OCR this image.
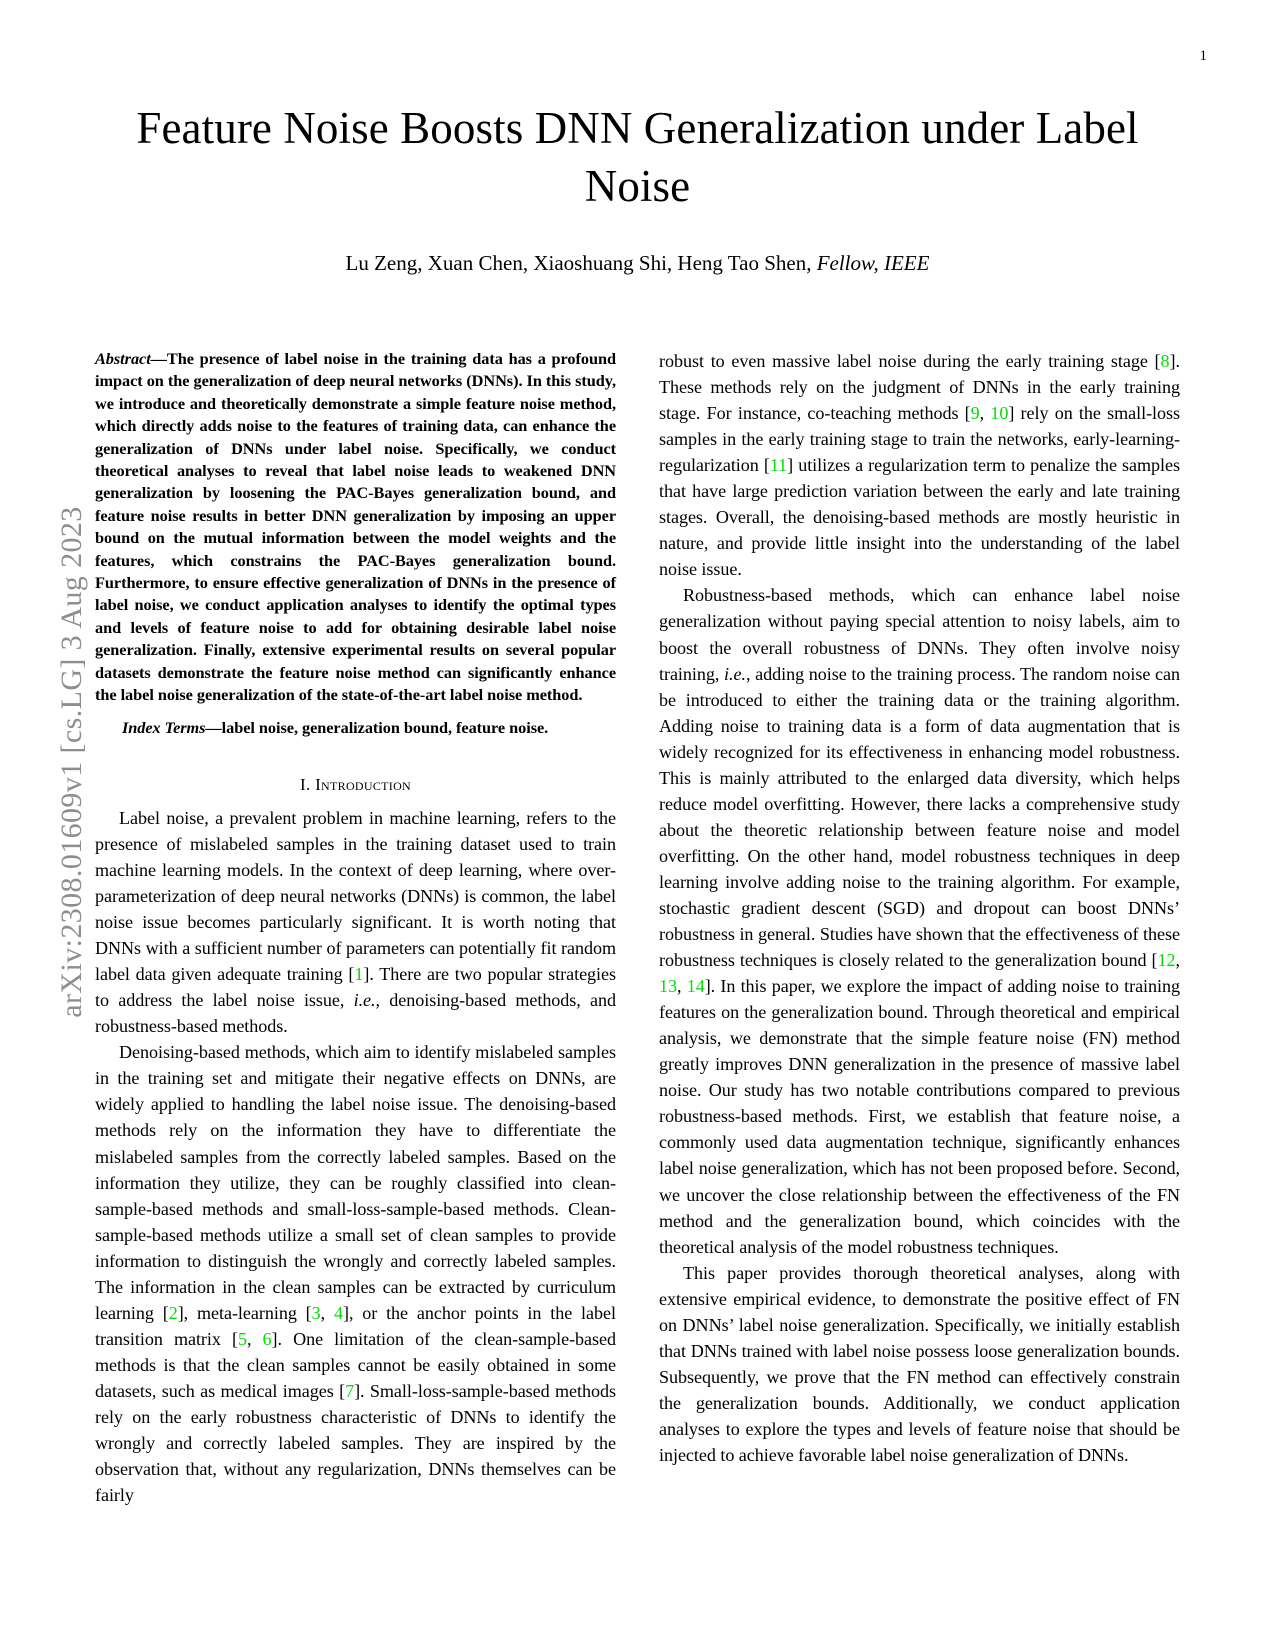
1
arXiv:2308.01609v1 [cs.LG] 3 Aug 2023
Feature Noise Boosts DNN Generalization under Label Noise
Lu Zeng, Xuan Chen, Xiaoshuang Shi, Heng Tao Shen, Fellow, IEEE

Abstract—The presence of label noise in the training data has a profound impact on the generalization of deep neural networks (DNNs). In this study, we introduce and theoretically demonstrate a simple feature noise method, which directly adds noise to the features of training data, can enhance the generalization of DNNs under label noise. Specifically, we conduct theoretical analyses to reveal that label noise leads to weakened DNN generalization by loosening the PAC-Bayes generalization bound, and feature noise results in better DNN generalization by imposing an upper bound on the mutual information between the model weights and the features, which constrains the PAC-Bayes generalization bound. Furthermore, to ensure effective generalization of DNNs in the presence of label noise, we conduct application analyses to identify the optimal types and levels of feature noise to add for obtaining desirable label noise generalization. Finally, extensive experimental results on several popular datasets demonstrate the feature noise method can significantly enhance the label noise generalization of the state-of-the-art label noise method.

Index Terms—label noise, generalization bound, feature noise.

I. Introduction

Label noise, a prevalent problem in machine learning, refers to the presence of mislabeled samples in the training dataset used to train machine learning models. In the context of deep learning, where over-parameterization of deep neural networks (DNNs) is common, the label noise issue becomes particularly significant. It is worth noting that DNNs with a sufficient number of parameters can potentially fit random label data given adequate training [1]. There are two popular strategies to address the label noise issue, i.e., denoising-based methods, and robustness-based methods.

Denoising-based methods, which aim to identify mislabeled samples in the training set and mitigate their negative effects on DNNs, are widely applied to handling the label noise issue. The denoising-based methods rely on the information they have to differentiate the mislabeled samples from the correctly labeled samples. Based on the information they utilize, they can be roughly classified into clean-sample-based methods and small-loss-sample-based methods. Clean-sample-based methods utilize a small set of clean samples to provide information to distinguish the wrongly and correctly labeled samples. The information in the clean samples can be extracted by curriculum learning [2], meta-learning [3, 4], or the anchor points in the label transition matrix [5, 6]. One limitation of the clean-sample-based methods is that the clean samples cannot be easily obtained in some datasets, such as medical images [7]. Small-loss-sample-based methods rely on the early robustness characteristic of DNNs to identify the wrongly and correctly labeled samples. They are inspired by the observation that, without any regularization, DNNs themselves can be fairly

robust to even massive label noise during the early training stage [8]. These methods rely on the judgment of DNNs in the early training stage. For instance, co-teaching methods [9, 10] rely on the small-loss samples in the early training stage to train the networks, early-learning-regularization [11] utilizes a regularization term to penalize the samples that have large prediction variation between the early and late training stages. Overall, the denoising-based methods are mostly heuristic in nature, and provide little insight into the understanding of the label noise issue.

Robustness-based methods, which can enhance label noise generalization without paying special attention to noisy labels, aim to boost the overall robustness of DNNs. They often involve noisy training, i.e., adding noise to the training process. The random noise can be introduced to either the training data or the training algorithm. Adding noise to training data is a form of data augmentation that is widely recognized for its effectiveness in enhancing model robustness. This is mainly attributed to the enlarged data diversity, which helps reduce model overfitting. However, there lacks a comprehensive study about the theoretic relationship between feature noise and model overfitting. On the other hand, model robustness techniques in deep learning involve adding noise to the training algorithm. For example, stochastic gradient descent (SGD) and dropout can boost DNNs’ robustness in general. Studies have shown that the effectiveness of these robustness techniques is closely related to the generalization bound [12, 13, 14]. In this paper, we explore the impact of adding noise to training features on the generalization bound. Through theoretical and empirical analysis, we demonstrate that the simple feature noise (FN) method greatly improves DNN generalization in the presence of massive label noise. Our study has two notable contributions compared to previous robustness-based methods. First, we establish that feature noise, a commonly used data augmentation technique, significantly enhances label noise generalization, which has not been proposed before. Second, we uncover the close relationship between the effectiveness of the FN method and the generalization bound, which coincides with the theoretical analysis of the model robustness techniques.

This paper provides thorough theoretical analyses, along with extensive empirical evidence, to demonstrate the positive effect of FN on DNNs’ label noise generalization. Specifically, we initially establish that DNNs trained with label noise possess loose generalization bounds. Subsequently, we prove that the FN method can effectively constrain the generalization bounds. Additionally, we conduct application analyses to explore the types and levels of feature noise that should be injected to achieve favorable label noise generalization of DNNs.
